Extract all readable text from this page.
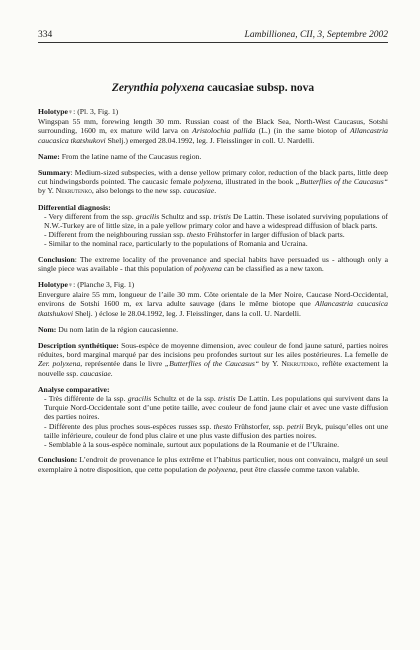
334	Lambillionea, CII, 3, Septembre 2002
Zerynthia polyxena caucasiae subsp. nova

Holotype♀: (Pl. 3, Fig. 1)
Wingspan 55 mm, forewing length 30 mm. Russian coast of the Black Sea, North-West Caucasus, Sotshi surrounding, 1600 m, ex mature wild larva on Aristolochia pallida (L.) (in the same biotop of Allancastria caucasica tkatshukovi Shelj.) emerged 28.04.1992, leg. J. Fleisslinger in coll. U. Nardelli.

Name: From the latine name of the Caucasus region.

Summary: Medium-sized subspecies, with a dense yellow primary color, reduction of the black parts, little deep cut hindwingsbords pointed. The caucasic female polyxena, illustrated in the book „Butterflies of the Caucasus“ by Y. Nekrutenko, also belongs to the new ssp. caucasiae.

Differential diagnosis:
- Very different from the ssp. gracilis Schultz and ssp. tristis De Lattin. These isolated surviving populations of N.W.-Turkey are of little size, in a pale yellow primary color and have a widespread diffusion of black parts.
- Different from the neighbouring russian ssp. thesto Frühstorfer in larger diffusion of black parts.
- Similar to the nominal race, particularly to the populations of Romania and Ucraina.

Conclusion: The extreme locality of the provenance and special habits have persuaded us - although only a single piece was available - that this population of polyxena can be classified as a new taxon.

Holotype♀: (Planche 3, Fig. 1)
Envergure alaire 55 mm, longueur de l’aile 30 mm. Côte orientale de la Mer Noire, Caucase Nord-Occidental, environs de Sotshi 1600 m, ex larva adulte sauvage (dans le même biotope que Allancastria caucasica tkatshukovi Shelj. ) éclose le 28.04.1992, leg. J. Fleisslinger, dans la coll. U. Nardelli.

Nom: Du nom latin de la région caucasienne.

Description synthétique: Sous-espèce de moyenne dimension, avec couleur de fond jaune saturé, parties noires réduites, bord marginal marqué par des incisions peu profondes surtout sur les ailes postérieures. La femelle de Zer. polyxena, représentée dans le livre „Butterflies of the Caucasus“ by Y. Nekrutenko, reflète exactement la nouvelle ssp. caucasiae.

Analyse comparative:
- Très différente de la ssp. gracilis Schultz et de la ssp. tristis De Lattin. Les populations qui survivent dans la Turquie Nord-Occidentale sont d’une petite taille, avec couleur de fond jaune clair et avec une vaste diffusion des parties noires.
- Différente des plus proches sous-espèces russes ssp. thesto Frühstorfer, ssp. petrii Bryk, puisqu’elles ont une taille inférieure, couleur de fond plus claire et une plus vaste diffusion des parties noires.
- Semblable à la sous-espèce nominale, surtout aux populations de la Roumanie et de l’Ukraine.

Conclusion: L’endroit de provenance le plus extrême et l’habitus particulier, nous ont convaincu, malgré un seul exemplaire à notre disposition, que cette population de polyxena, peut être classée comme taxon valable.
